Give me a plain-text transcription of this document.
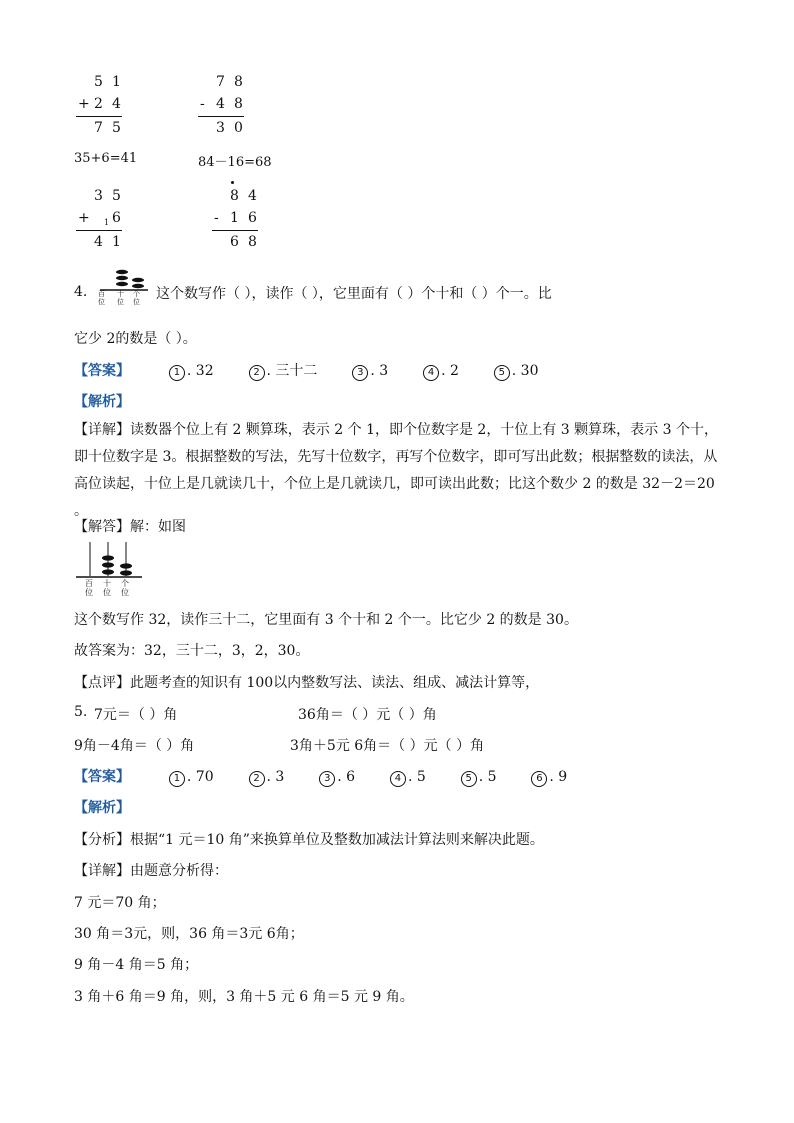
5 1
+ 2 4
7 5
7 8
- 4 8
3 0
35+6=41	84－16=68
3 5
+ 1 6
4 1
8 4
- 1 6
6 8
4. 百位
十位
个位 这个数写作（ ），读作（ ），它里面有（ ）个十和（ ）个一。比
它少 2的数是（ ）。
【答案】	1 . 32	2 . 三十二	3 . 3	4 . 2	5 . 30
【解析】
【详解】读数器个位上有 2 颗算珠，表示 2 个 1，即个位数字是 2，十位上有 3 颗算珠，表示 3 个十，即十位数字是 3。根据整数的写法，先写十位数字，再写个位数字，即可写出此数；根据整数的读法，从高位读起，十位上是几就读几十，个位上是几就读几，即可读出此数；比这个数少 2 的数是 32－2＝20 。
【解答】解：如图
百位
十位
个位
这个数写作 32，读作三十二，它里面有 3 个十和 2 个一。比它少 2 的数是 30。
故答案为：32，三十二，3，2，30。
【点评】此题考查的知识有 100以内整数写法、读法、组成、减法计算等，
5. 7元＝（ ）角	36角＝（ ）元（ ）角
9角－4角＝（ ）角	3角＋5元 6角＝（ ）元（ ）角
【答案】	1 . 70	2 . 3	3 . 6	4 . 5	5 . 5	6 . 9
【解析】
【分析】根据“1 元＝10 角”来换算单位及整数加减法计算法则来解决此题。
【详解】由题意分析得：
7 元＝70 角；
30 角＝3元，则，36 角＝3元 6角；
9 角－4 角＝5 角；
3 角＋6 角＝9 角，则，3 角＋5 元 6 角＝5 元 9 角。
